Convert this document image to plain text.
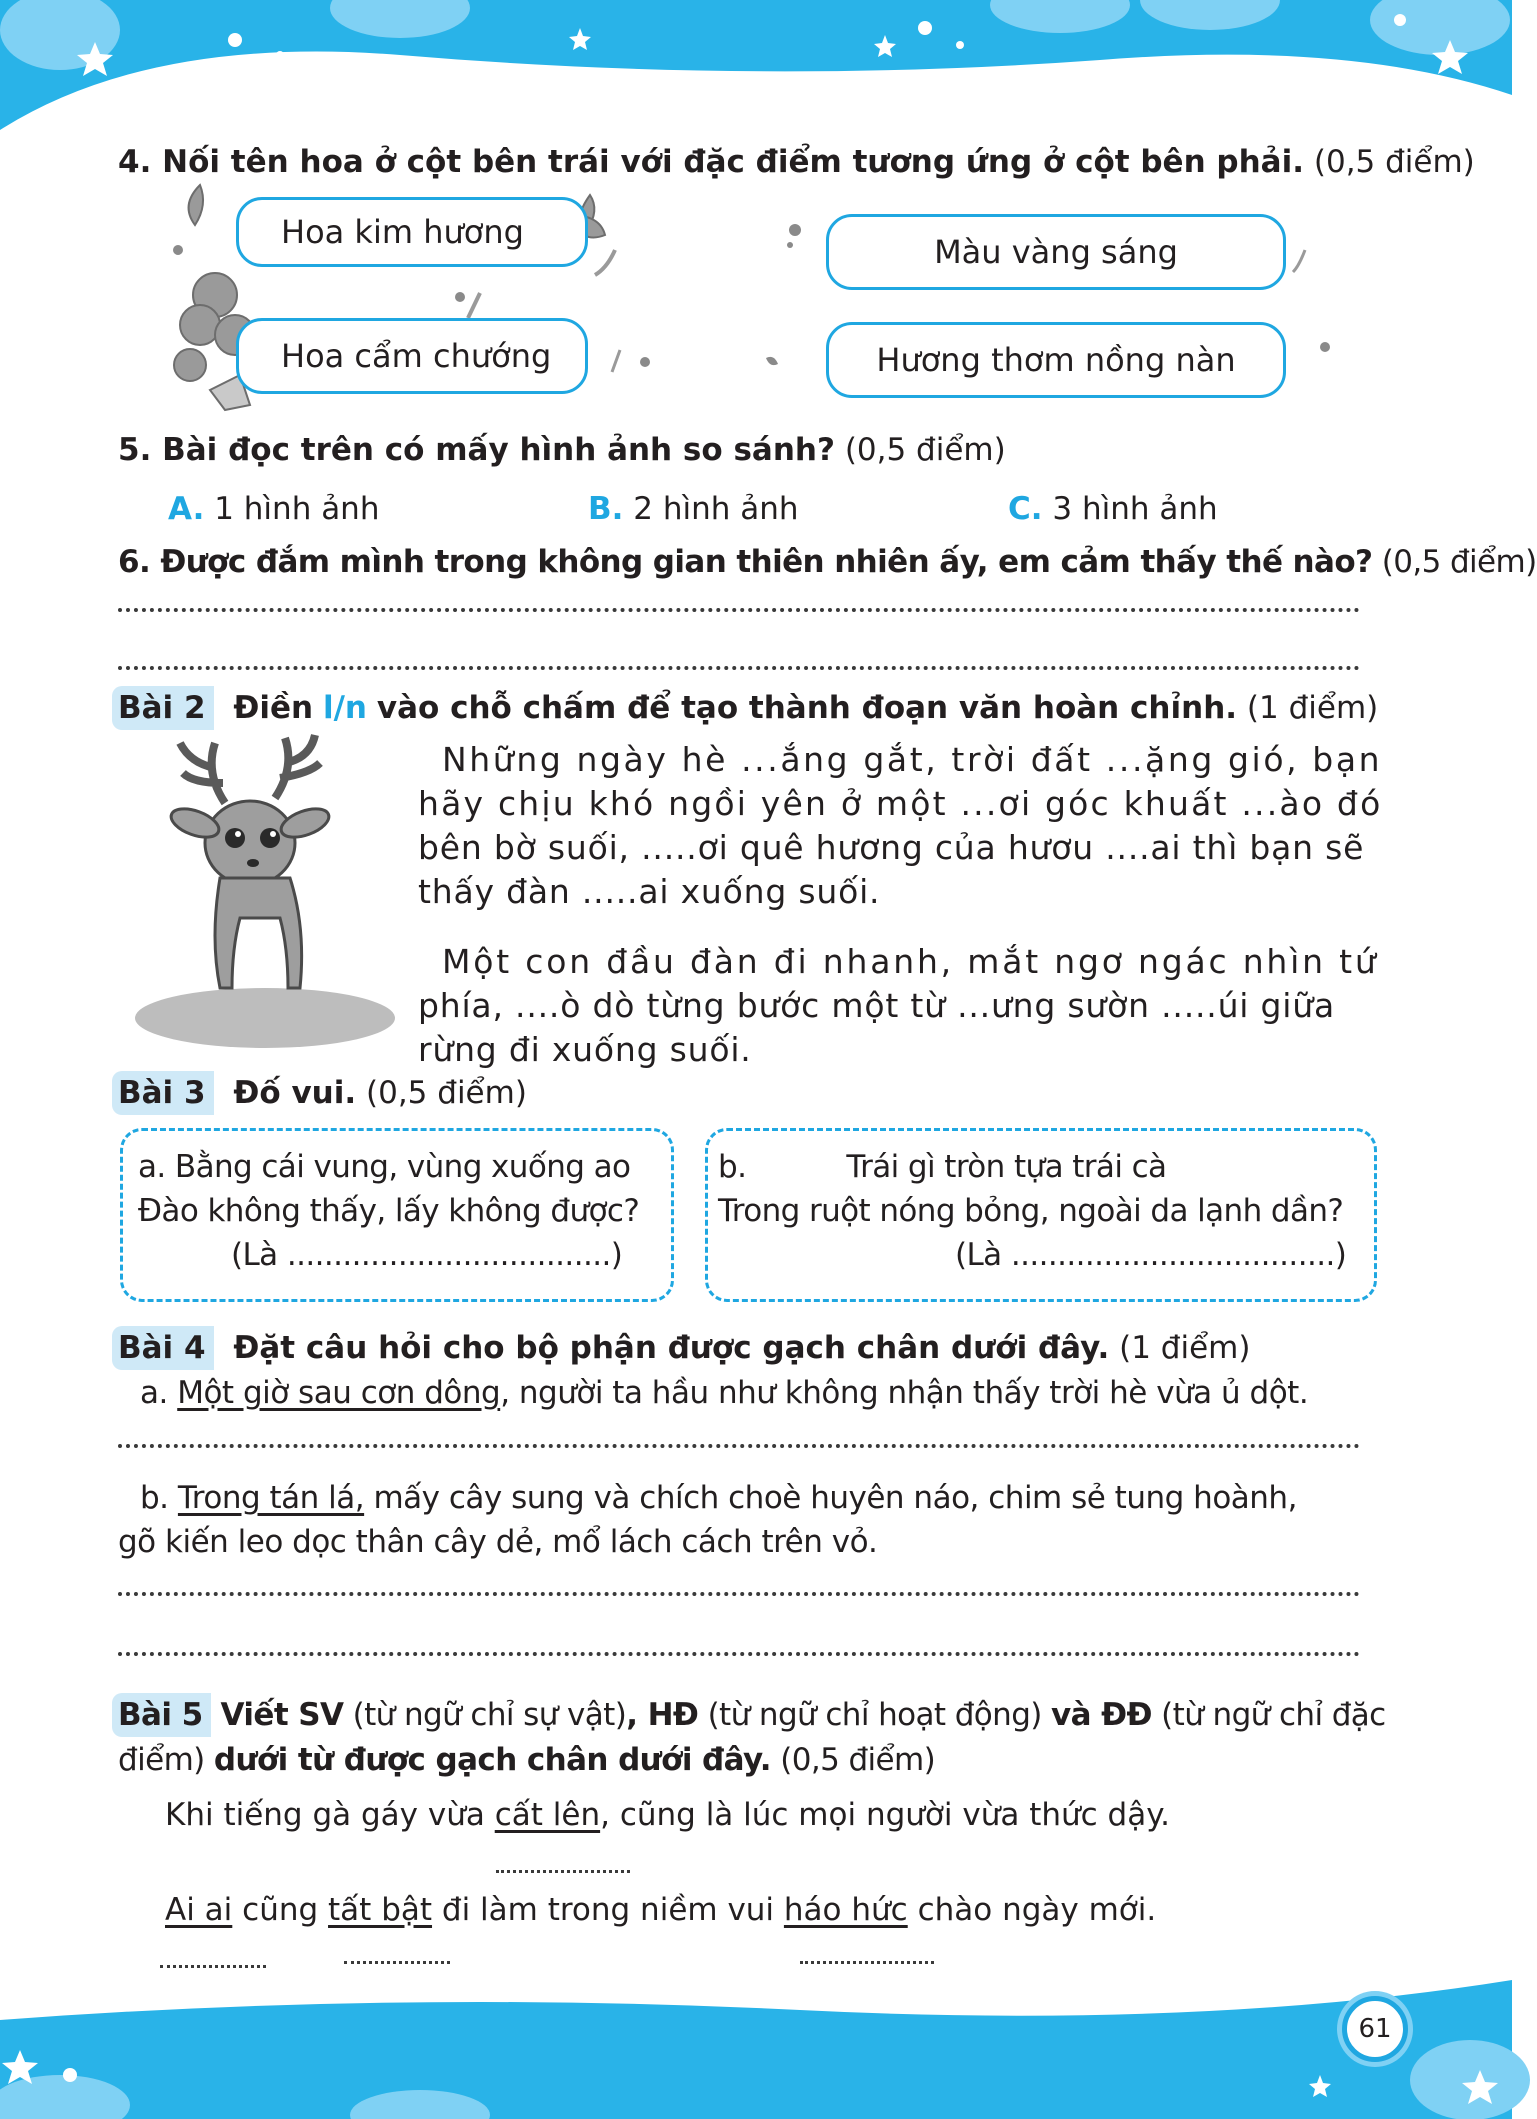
61
4. Nối tên hoa ở cột bên trái với đặc điểm tương ứng ở cột bên phải. (0,5 điểm)
Hoa kim hương
Hoa cẩm chướng
Màu vàng sáng
Hương thơm nồng nàn
5. Bài đọc trên có mấy hình ảnh so sánh? (0,5 điểm)
A. 1 hình ảnh	B. 2 hình ảnh	C. 3 hình ảnh
6. Được đắm mình trong không gian thiên nhiên ấy, em cảm thấy thế nào? (0,5 điểm)
Bài 2 Điền l/n vào chỗ chấm để tạo thành đoạn văn hoàn chỉnh. (1 điểm)
Những ngày hè ...ắng gắt, trời đất ...ặng gió, bạn
hãy chịu khó ngồi yên ở một ...ơi góc khuất ...ào đó
bên bờ suối, .....ơi quê hương của hươu ....ai thì bạn sẽ
thấy đàn .....ai xuống suối.
Một con đầu đàn đi nhanh, mắt ngơ ngác nhìn tứ
phía, ....ò dò từng bước một từ ...ưng sườn .....úi giữa
rừng đi xuống suối.
Bài 3 Đố vui. (0,5 điểm)
a. Bằng cái vung, vùng xuống ao
Đào không thấy, lấy không được?
(Là ...................................)
b.	Trái gì tròn tựa trái cà
Trong ruột nóng bỏng, ngoài da lạnh dần?
(Là ...................................)
Bài 4 Đặt câu hỏi cho bộ phận được gạch chân dưới đây. (1 điểm)
a. Một giờ sau cơn dông, người ta hầu như không nhận thấy trời hè vừa ủ dột.
b. Trong tán lá, mấy cây sung và chích choè huyên náo, chim sẻ tung hoành,
gõ kiến leo dọc thân cây dẻ, mổ lách cách trên vỏ.
Bài 5 Viết SV (từ ngữ chỉ sự vật), HĐ (từ ngữ chỉ hoạt động) và ĐĐ (từ ngữ chỉ đặc
điểm) dưới từ được gạch chân dưới đây. (0,5 điểm)
Khi tiếng gà gáy vừa cất lên, cũng là lúc mọi người vừa thức dậy.
Ai ai cũng tất bật đi làm trong niềm vui háo hức chào ngày mới.
